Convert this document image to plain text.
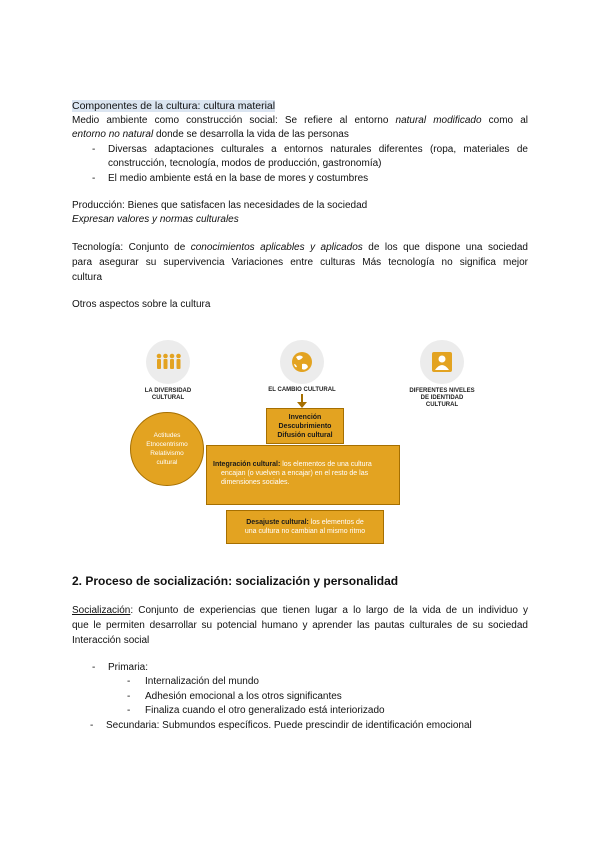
Componentes de la cultura: cultura material
Medio ambiente como construcción social: Se refiere al entorno natural modificado como al
entorno no natural donde se desarrolla la vida de las personas
- Diversas adaptaciones culturales a entornos naturales diferentes (ropa, materiales de
construcción, tecnología, modos de producción, gastronomía)
- El medio ambiente está en la base de mores y costumbres
Producción: Bienes que satisfacen las necesidades de la sociedad
Expresan valores y normas culturales
Tecnología: Conjunto de conocimientos aplicables y aplicados de los que dispone una sociedad
para asegurar su supervivencia Variaciones entre culturas Más tecnología no significa mejor
cultura
Otros aspectos sobre la cultura
LA DIVERSIDAD CULTURAL
EL CAMBIO CULTURAL	DIFERENTES NIVELES DE IDENTIDAD CULTURAL
Actitudes
Etnocentrismo
Relativismo
cultural
Invención
Descubrimiento
Difusión cultural
Integración cultural: los elementos de una cultura
encajan (o vuelven a encajar) en el resto de las
dimensiones sociales.
Desajuste cultural: los elementos de
una cultura no cambian al mismo ritmo
2. Proceso de socialización: socialización y personalidad
Socialización: Conjunto de experiencias que tienen lugar a lo largo de la vida de un individuo y
que le permiten desarrollar su potencial humano y aprender las pautas culturales de su sociedad
Interacción social
- Primaria:
- Internalización del mundo
- Adhesión emocional a los otros significantes
- Finaliza cuando el otro generalizado está interiorizado
- Secundaria: Submundos específicos. Puede prescindir de identificación emocional
